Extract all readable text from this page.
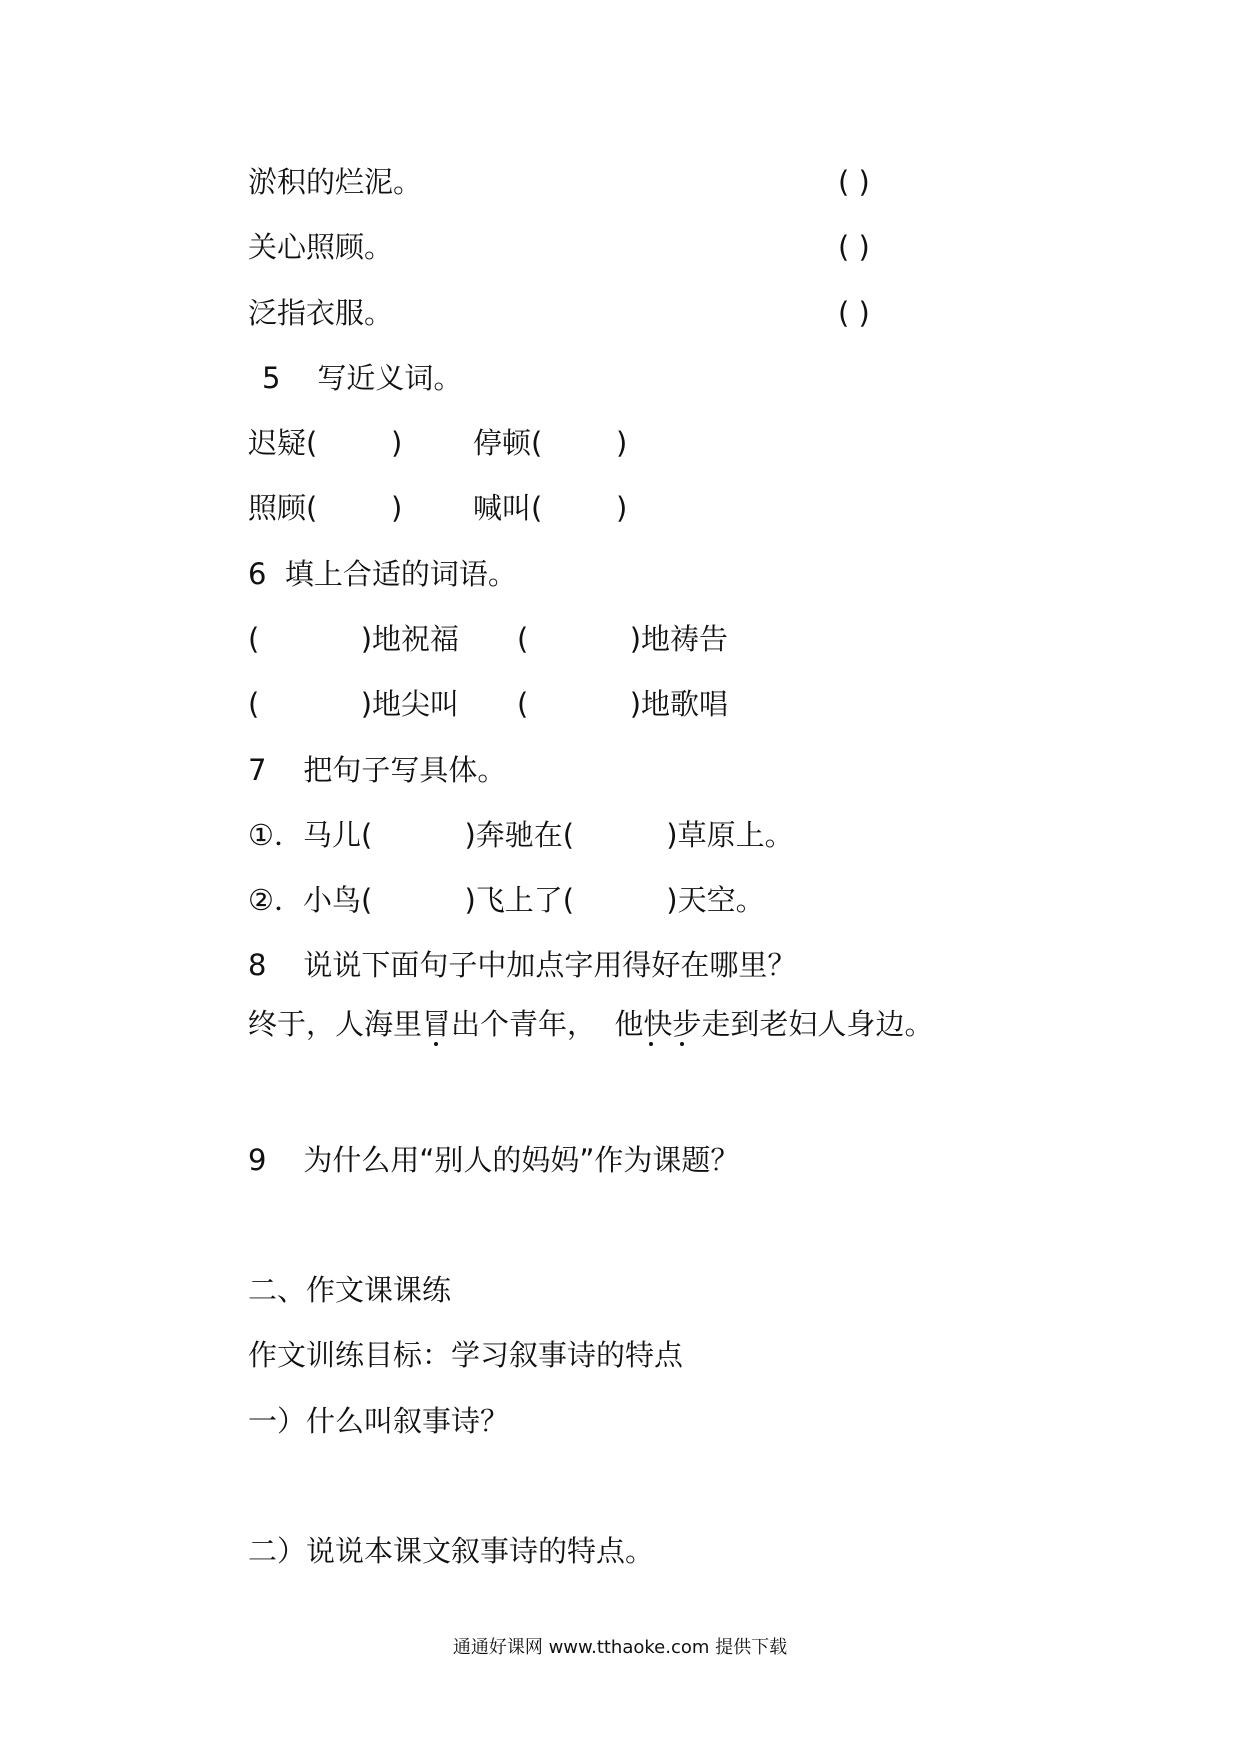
淤积的烂泥。	( )
关心照顾。	( )
泛指衣服。	( )
5    写近义词。
迟疑(        ) 停顿(        )
照顾(        ) 喊叫(        )
6  填上合适的词语。
(           )地祝福 (           )地祷告
(           )地尖叫 (           )地歌唱
7    把句子写具体。
①．马儿(          )奔驰在(          )草原上。
②．小鸟(          )飞上了(          )天空。
8    说说下面句子中加点字用得好在哪里？
终于，人海里冒出个青年，  他快步走到老妇人身边。
9    为什么用“别人的妈妈”作为课题？
二、作文课课练
作文训练目标：学习叙事诗的特点
一）什么叫叙事诗？
二）说说本课文叙事诗的特点。
通通好课网 www.tthaoke.com 提供下载
